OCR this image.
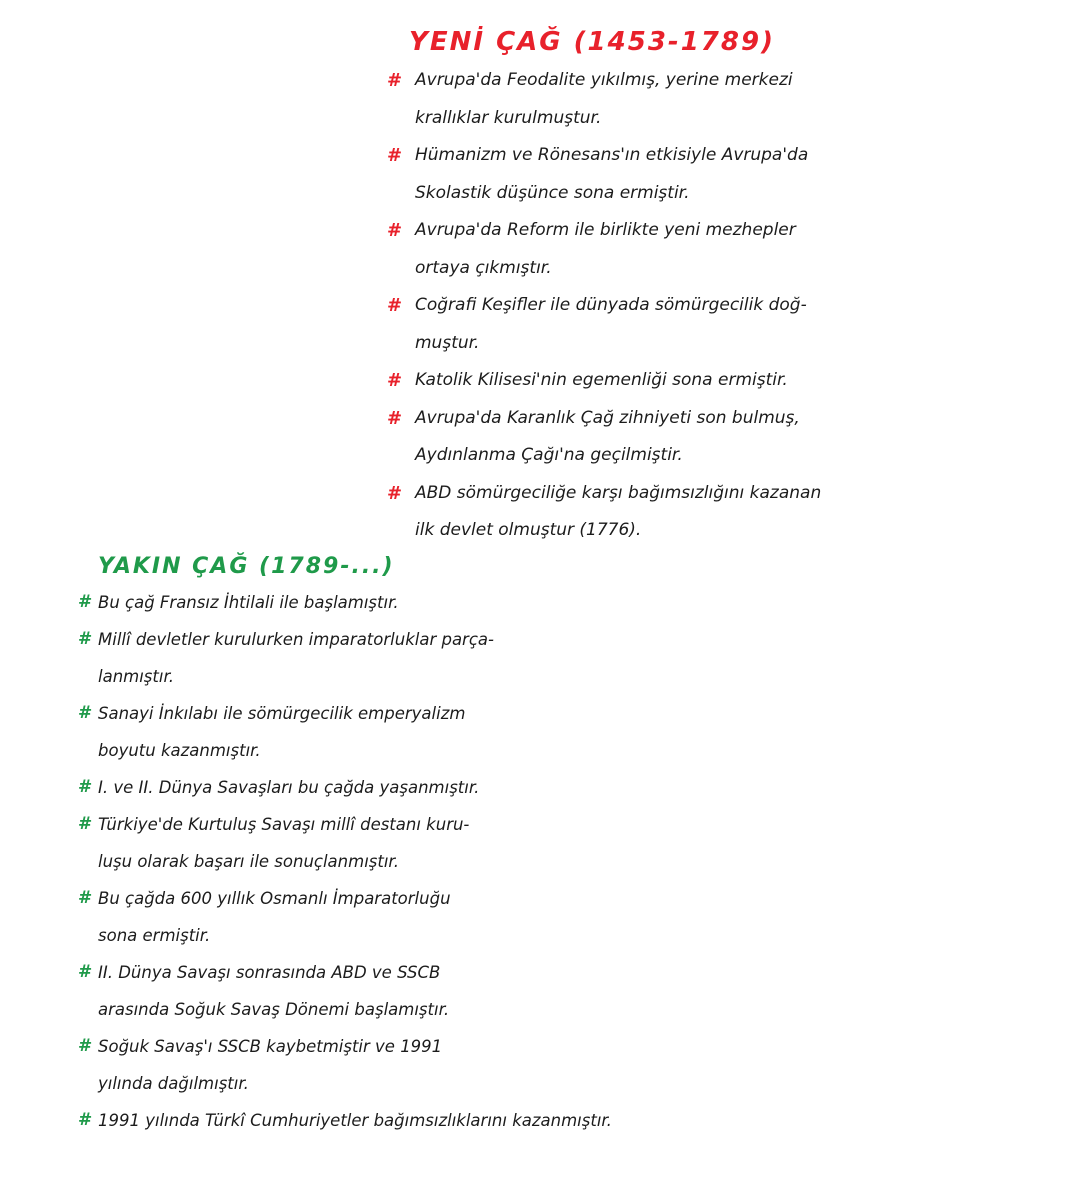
YENİ ÇAĞ (1453-1789)
# Avrupa'da Feodalite yıkılmış, yerine merkezi
krallıklar kurulmuştur.
# Hümanizm ve Rönesans'ın etkisiyle Avrupa'da
Skolastik düşünce sona ermiştir.
# Avrupa'da Reform ile birlikte yeni mezhepler
ortaya çıkmıştır.
# Coğrafi Keşifler ile dünyada sömürgecilik doğ-
muştur.
# Katolik Kilisesi'nin egemenliği sona ermiştir.
# Avrupa'da Karanlık Çağ zihniyeti son bulmuş,
Aydınlanma Çağı'na geçilmiştir.
# ABD sömürgeciliğe karşı bağımsızlığını kazanan
ilk devlet olmuştur (1776).
YAKIN ÇAĞ (1789-...)
# Bu çağ Fransız İhtilali ile başlamıştır.
# Millî devletler kurulurken imparatorluklar parça-
lanmıştır.
# Sanayi İnkılabı ile sömürgecilik emperyalizm
boyutu kazanmıştır.
# I. ve II. Dünya Savaşları bu çağda yaşanmıştır.
# Türkiye'de Kurtuluş Savaşı millî destanı kuru-
luşu olarak başarı ile sonuçlanmıştır.
# Bu çağda 600 yıllık Osmanlı İmparatorluğu
sona ermiştir.
# II. Dünya Savaşı sonrasında ABD ve SSCB
arasında Soğuk Savaş Dönemi başlamıştır.
# Soğuk Savaş'ı SSCB kaybetmiştir ve 1991
yılında dağılmıştır.
# 1991 yılında Türkî Cumhuriyetler bağımsızlıklarını kazanmıştır.
